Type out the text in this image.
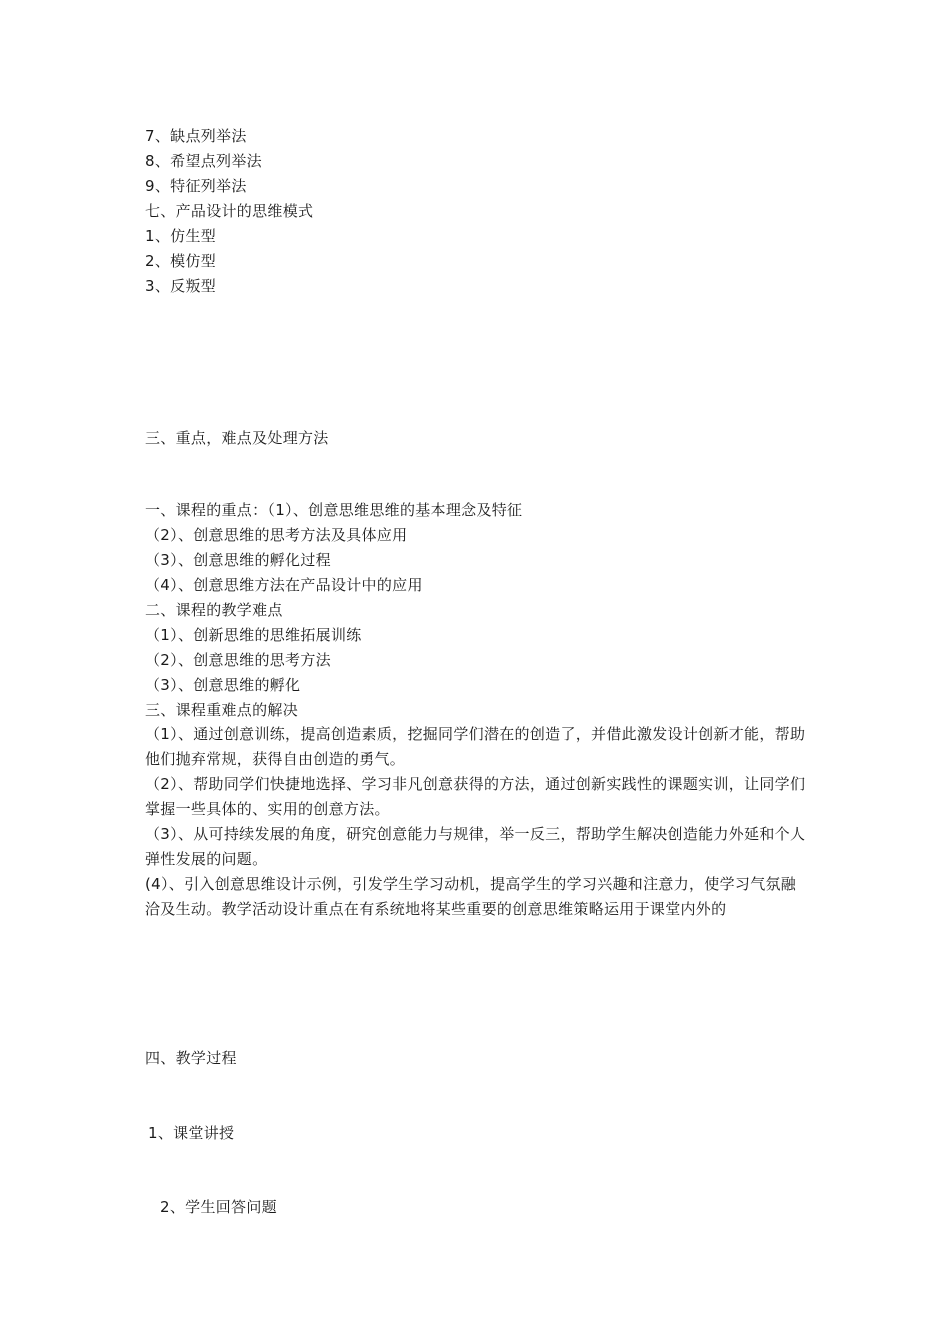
7、缺点列举法
8、希望点列举法
9、特征列举法
七、产品设计的思维模式
1、仿生型
2、模仿型
3、反叛型
三、重点，难点及处理方法
一、课程的重点：（1）、创意思维思维的基本理念及特征
（2）、创意思维的思考方法及具体应用
（3）、创意思维的孵化过程
（4）、创意思维方法在产品设计中的应用
二、课程的教学难点
（1）、创新思维的思维拓展训练
（2）、创意思维的思考方法
（3）、创意思维的孵化
三、课程重难点的解决
（1）、通过创意训练，提高创造素质，挖掘同学们潜在的创造了，并借此激发设计创新才能，帮助他们抛弃常规，获得自由创造的勇气。
（2）、帮助同学们快捷地选择、学习非凡创意获得的方法，通过创新实践性的课题实训，让同学们掌握一些具体的、实用的创意方法。
（3）、从可持续发展的角度，研究创意能力与规律，举一反三，帮助学生解决创造能力外延和个人弹性发展的问题。
(4）、引入创意思维设计示例，引发学生学习动机，提高学生的学习兴趣和注意力，使学习气氛融洽及生动。教学活动设计重点在有系统地将某些重要的创意思维策略运用于课堂内外的
四、教学过程
1、课堂讲授
2、学生回答问题
